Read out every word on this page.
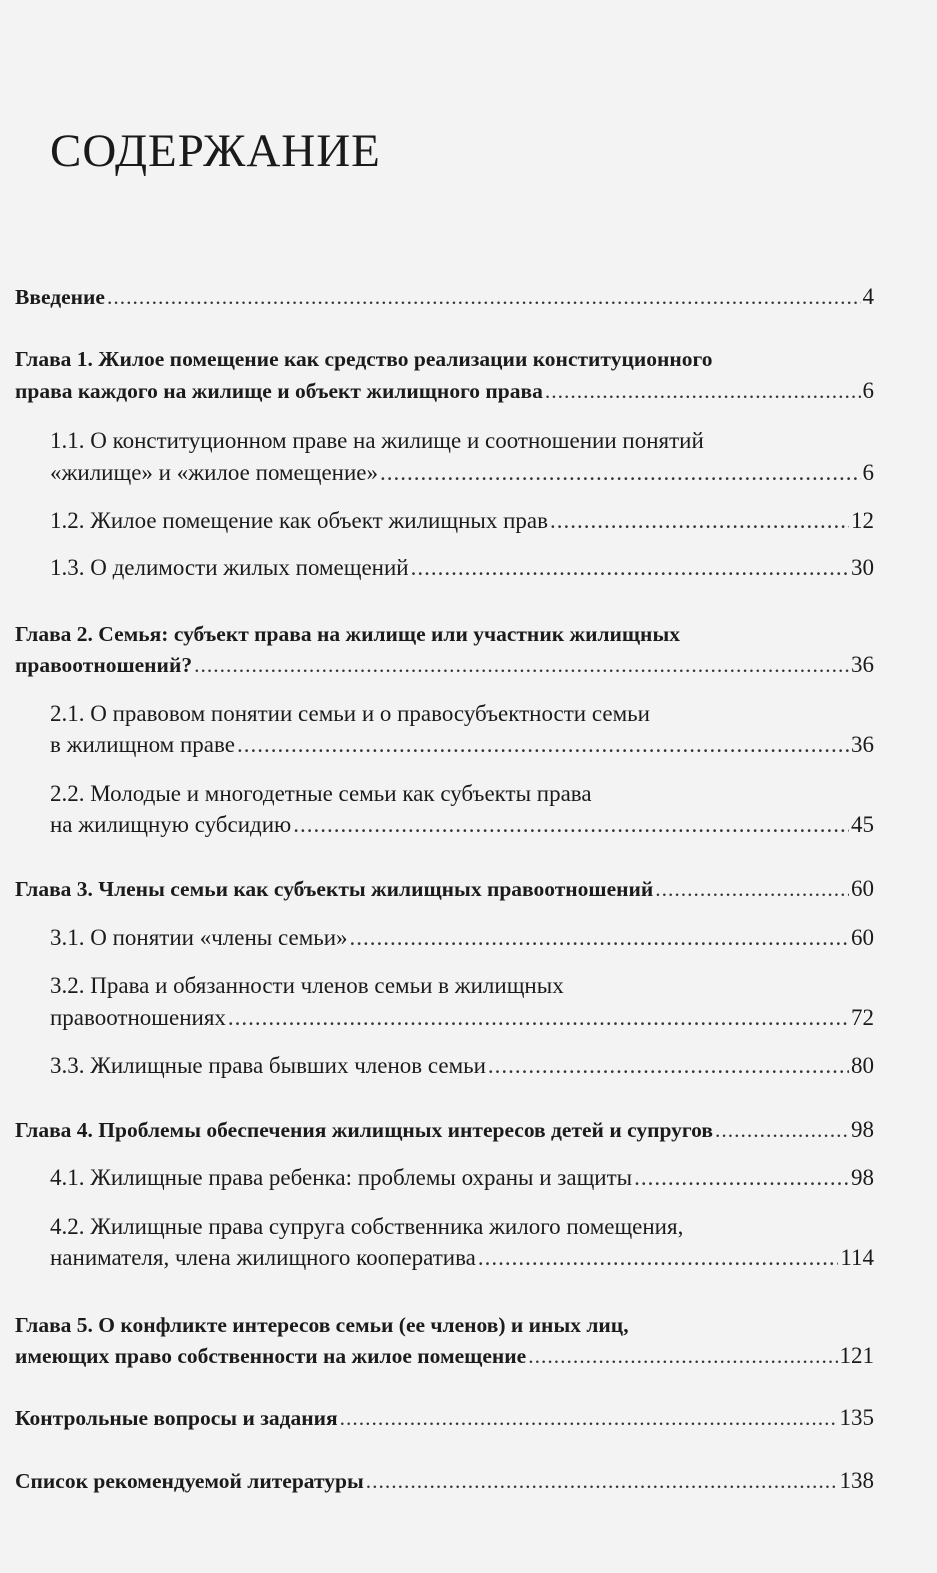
СОДЕРЖАНИЕ
Введение .....	4
Глава 1. Жилое помещение как средство реализации конституционного
права каждого на жилище и объект жилищного права .....	6
1.1. О конституционном праве на жилище и соотношении понятий
«жилище» и «жилое помещение» .....	6
1.2. Жилое помещение как объект жилищных прав .....	12
1.3. О делимости жилых помещений .....	30
Глава 2. Семья: субъект права на жилище или участник жилищных
правоотношений? .....	36
2.1. О правовом понятии семьи и о правосубъектности семьи
в жилищном праве .....	36
2.2. Молодые и многодетные семьи как субъекты права
на жилищную субсидию .....	45
Глава 3. Члены семьи как субъекты жилищных правоотношений .....	60
3.1. О понятии «члены семьи» .....	60
3.2. Права и обязанности членов семьи в жилищных
правоотношениях .....	72
3.3. Жилищные права бывших членов семьи .....	80
Глава 4. Проблемы обеспечения жилищных интересов детей и супругов .....	98
4.1. Жилищные права ребенка: проблемы охраны и защиты .....	98
4.2. Жилищные права супруга собственника жилого помещения,
нанимателя, члена жилищного кооператива .....	114
Глава 5. О конфликте интересов семьи (ее членов) и иных лиц,
имеющих право собственности на жилое помещение .....	121
Контрольные вопросы и задания .....	135
Список рекомендуемой литературы .....	138
